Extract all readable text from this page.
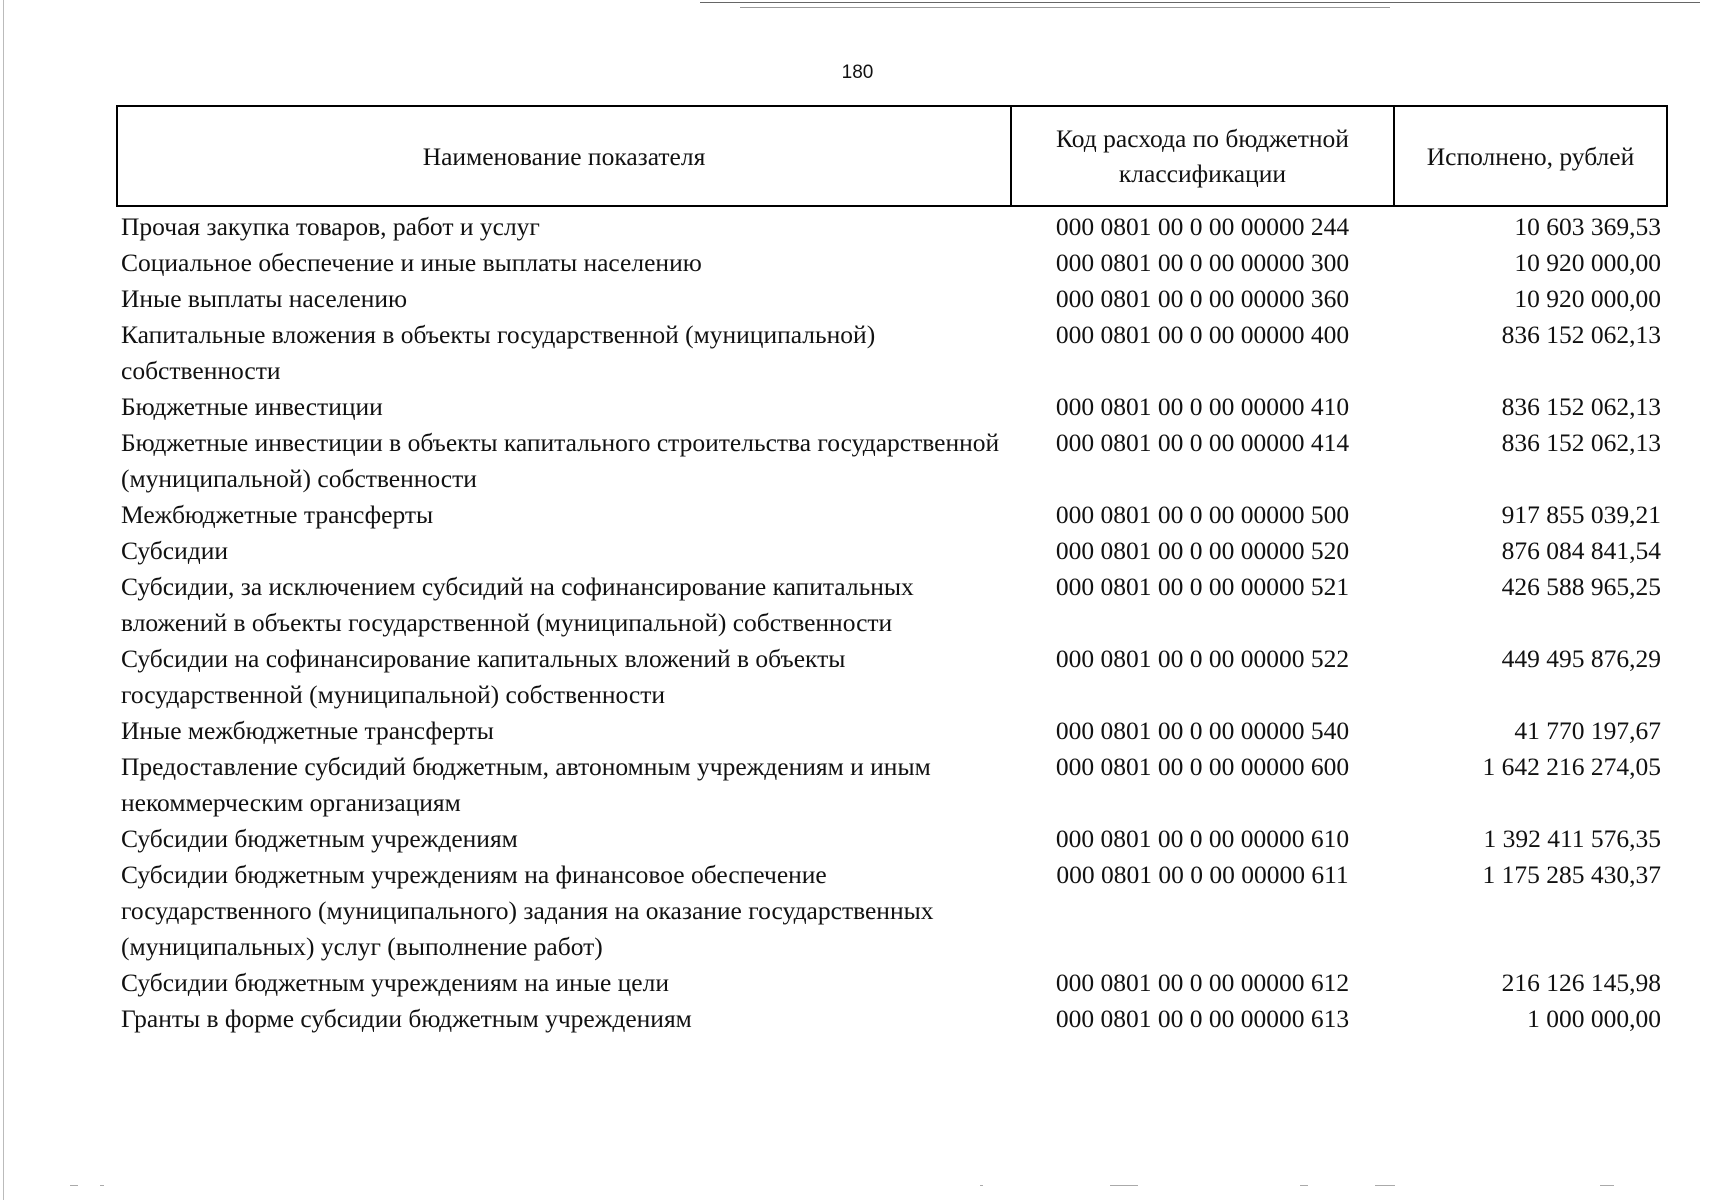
180
Наименование показателя	Код расхода по бюджетной классификации	Исполнено, рублей
Прочая закупка товаров, работ и услуг	000 0801 00 0 00 00000 244	10 603 369,53
Социальное обеспечение и иные выплаты населению	000 0801 00 0 00 00000 300	10 920 000,00
Иные выплаты населению	000 0801 00 0 00 00000 360	10 920 000,00
Капитальные вложения в объекты государственной (муниципальной) собственности	000 0801 00 0 00 00000 400	836 152 062,13
Бюджетные инвестиции	000 0801 00 0 00 00000 410	836 152 062,13
Бюджетные инвестиции в объекты капитального строительства государственной (муниципальной) собственности	000 0801 00 0 00 00000 414	836 152 062,13
Межбюджетные трансферты	000 0801 00 0 00 00000 500	917 855 039,21
Субсидии	000 0801 00 0 00 00000 520	876 084 841,54
Субсидии, за исключением субсидий на софинансирование капитальных вложений в объекты государственной (муниципальной) собственности	000 0801 00 0 00 00000 521	426 588 965,25
Субсидии на софинансирование капитальных вложений в объекты государственной (муниципальной) собственности	000 0801 00 0 00 00000 522	449 495 876,29
Иные межбюджетные трансферты	000 0801 00 0 00 00000 540	41 770 197,67
Предоставление субсидий бюджетным, автономным учреждениям и иным некоммерческим организациям	000 0801 00 0 00 00000 600	1 642 216 274,05
Субсидии бюджетным учреждениям	000 0801 00 0 00 00000 610	1 392 411 576,35
Субсидии бюджетным учреждениям на финансовое обеспечение государственного (муниципального) задания на оказание государственных (муниципальных) услуг (выполнение работ)	000 0801 00 0 00 00000 611	1 175 285 430,37
Субсидии бюджетным учреждениям на иные цели	000 0801 00 0 00 00000 612	216 126 145,98
Гранты в форме субсидии бюджетным учреждениям	000 0801 00 0 00 00000 613	1 000 000,00
